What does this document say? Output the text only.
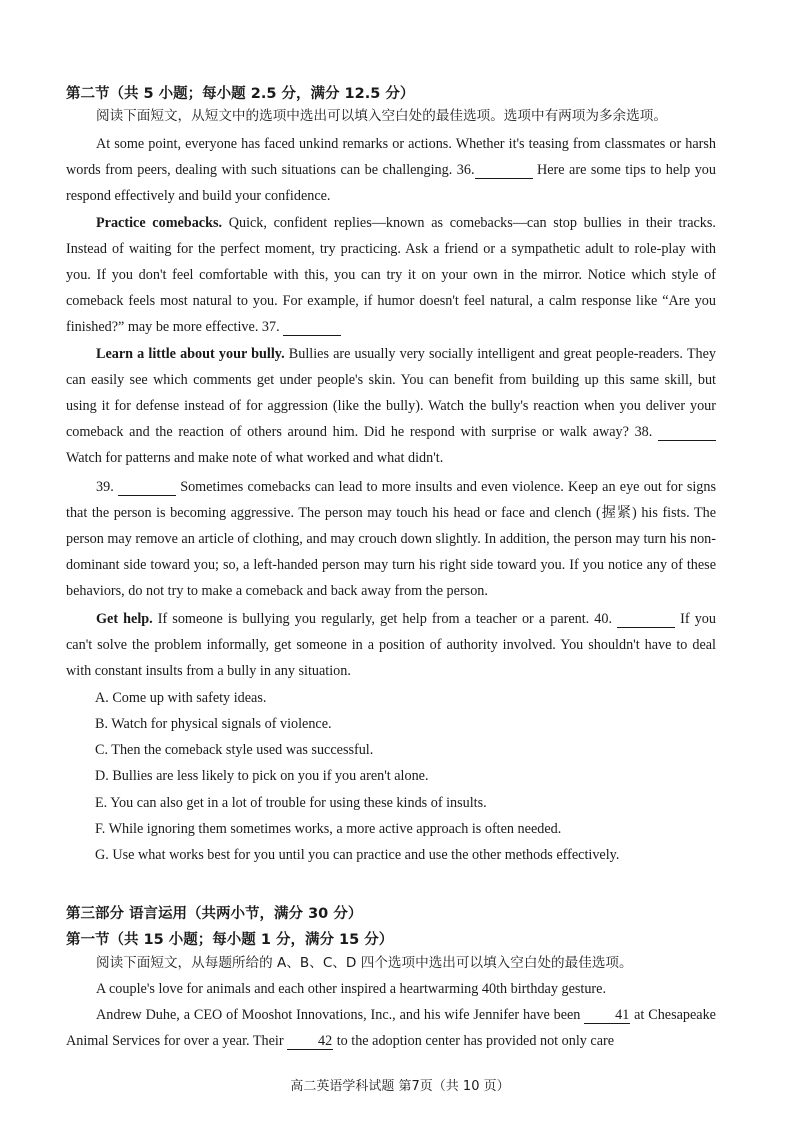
第二节（共 5 小题；每小题 2.5 分，满分 12.5 分）
阅读下面短文，从短文中的选项中选出可以填入空白处的最佳选项。选项中有两项为多余选项。
At some point, everyone has faced unkind remarks or actions. Whether it's teasing from classmates or harsh words from peers, dealing with such situations can be challenging. 36.	Here are some tips to help you respond effectively and build your confidence.
Practice comebacks. Quick, confident replies—known as comebacks—can stop bullies in their tracks. Instead of waiting for the perfect moment, try practicing. Ask a friend or a sympathetic adult to role-play with you. If you don't feel comfortable with this, you can try it on your own in the mirror. Notice which style of comeback feels most natural to you. For example, if humor doesn't feel natural, a calm response like “Are you finished?” may be more effective. 37.
Learn a little about your bully. Bullies are usually very socially intelligent and great people-readers. They can easily see which comments get under people's skin. You can benefit from building up this same skill, but using it for defense instead of for aggression (like the bully). Watch the bully's reaction when you deliver your comeback and the reaction of others around him. Did he respond with surprise or walk away? 38.   Watch for patterns and make note of what worked and what didn't.
39.	Sometimes comebacks can lead to more insults and even violence. Keep an eye out for signs that the person is becoming aggressive. The person may touch his head or face and clench (握紧) his fists. The person may remove an article of clothing, and may crouch down slightly. In addition, the person may turn his non-dominant side toward you; so, a left-handed person may turn his right side toward you. If you notice any of these behaviors, do not try to make a comeback and back away from the person.
Get help. If someone is bullying you regularly, get help from a teacher or a parent. 40.	If you can't solve the problem informally, get someone in a position of authority involved. You shouldn't have to deal with constant insults from a bully in any situation.
A. Come up with safety ideas.
B. Watch for physical signals of violence.
C. Then the comeback style used was successful.
D. Bullies are less likely to pick on you if you aren't alone.
E. You can also get in a lot of trouble for using these kinds of insults.
F. While ignoring them sometimes works, a more active approach is often needed.
G. Use what works best for you until you can practice and use the other methods effectively.
第三部分 语言运用（共两小节，满分 30 分）
第一节（共 15 小题；每小题 1 分，满分 15 分）
阅读下面短文，从每题所给的 A、B、C、D 四个选项中选出可以填入空白处的最佳选项。
A couple's love for animals and each other inspired a heartwarming 40th birthday gesture.
Andrew Duhe, a CEO of Mooshot Innovations, Inc., and his wife Jennifer have been 41 at Chesapeake Animal Services for over a year. Their 42 to the adoption center has provided not only care
高二英语学科试题 第7页（共 10 页）
